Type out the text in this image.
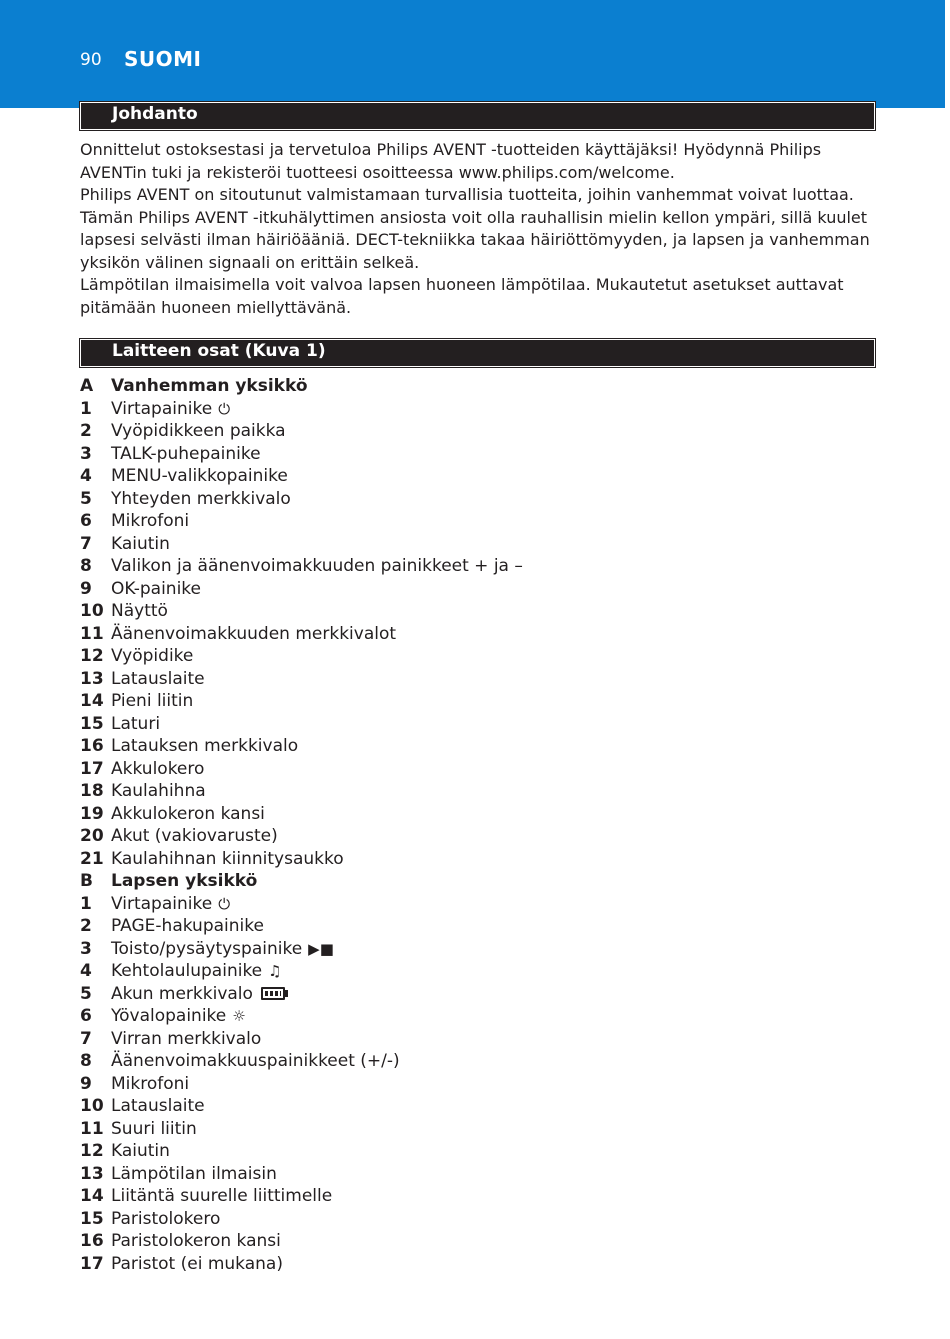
90 SUOMI
Johdanto

Onnittelut ostoksestasi ja tervetuloa Philips AVENT -tuotteiden käyttäjäksi! Hyödynnä Philips

AVENTin tuki ja rekisteröi tuotteesi osoitteessa www.philips.com/welcome.

Philips AVENT on sitoutunut valmistamaan turvallisia tuotteita, joihin vanhemmat voivat luottaa.

Tämän Philips AVENT -itkuhälyttimen ansiosta voit olla rauhallisin mielin kellon ympäri, sillä kuulet

lapsesi selvästi ilman häiriöääniä. DECT-tekniikka takaa häiriöttömyyden, ja lapsen ja vanhemman

yksikön välinen signaali on erittäin selkeä.

Lämpötilan ilmaisimella voit valvoa lapsen huoneen lämpötilaa. Mukautetut asetukset auttavat

pitämään huoneen miellyttävänä.

Laitteen osat (Kuva 1)
A	Vanhemman yksikkö
1	Virtapainike ⏻
2	Vyöpidikkeen paikka
3	TALK-puhepainike
4	MENU-valikkopainike
5	Yhteyden merkkivalo
6	Mikrofoni
7	Kaiutin
8	Valikon ja äänenvoimakkuuden painikkeet + ja –
9	OK-painike
10 Näyttö
11 Äänenvoimakkuuden merkkivalot
12 Vyöpidike
13 Latauslaite
14 Pieni liitin
15 Laturi
16 Latauksen merkkivalo
17 Akkulokero
18 Kaulahihna
19 Akkulokeron kansi
20 Akut (vakiovaruste)
21 Kaulahihnan kiinnitysaukko
B	Lapsen yksikkö
1	Virtapainike ⏻
2	PAGE-hakupainike
3	Toisto/pysäytyspainike ▶■
4	Kehtolaulupainike ♫
5	Akun merkkivalo
6	Yövalopainike ☼
7	Virran merkkivalo
8	Äänenvoimakkuuspainikkeet (+/-)
9	Mikrofoni
10 Latauslaite
11 Suuri liitin
12 Kaiutin
13 Lämpötilan ilmaisin
14 Liitäntä suurelle liittimelle
15 Paristolokero
16 Paristolokeron kansi
17 Paristot (ei mukana)
